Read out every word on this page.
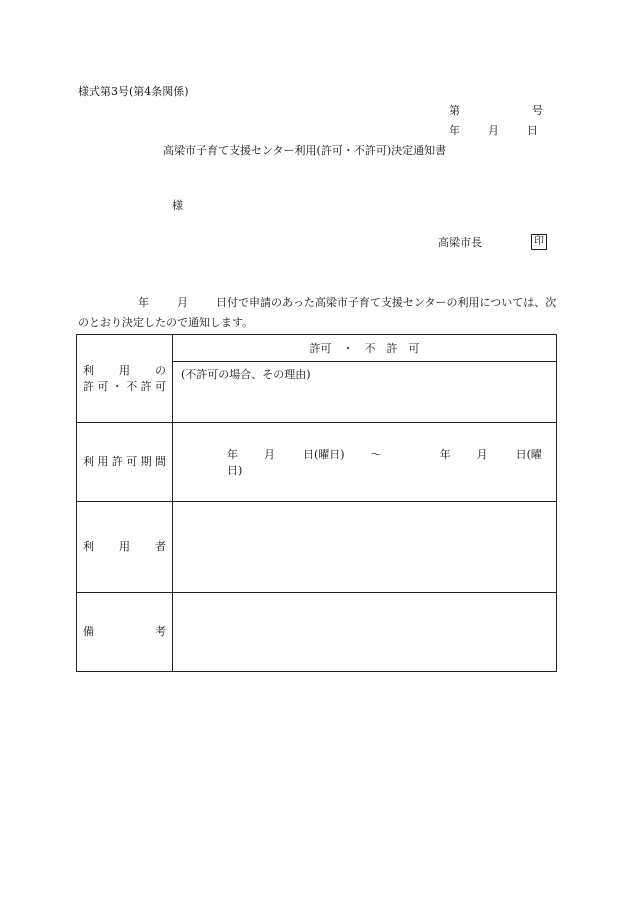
様式第3号(第4条関係)
第	号
年	月	日
高梁市子育て支援センター利用(許可・不許可)決定通知書
様
高梁市長	印
年	月	日付で申請のあった高梁市子育て支援センターの利用については、次のとおり決定したので通知します。
利　用　の
許可・不許可	許可　・　不　許　可
	(不許可の場合、その理由)
利用許可期間	年 月 日(曜日) 〜 年 月 日(曜日)
利　　用　　者	
備　　　　考	
